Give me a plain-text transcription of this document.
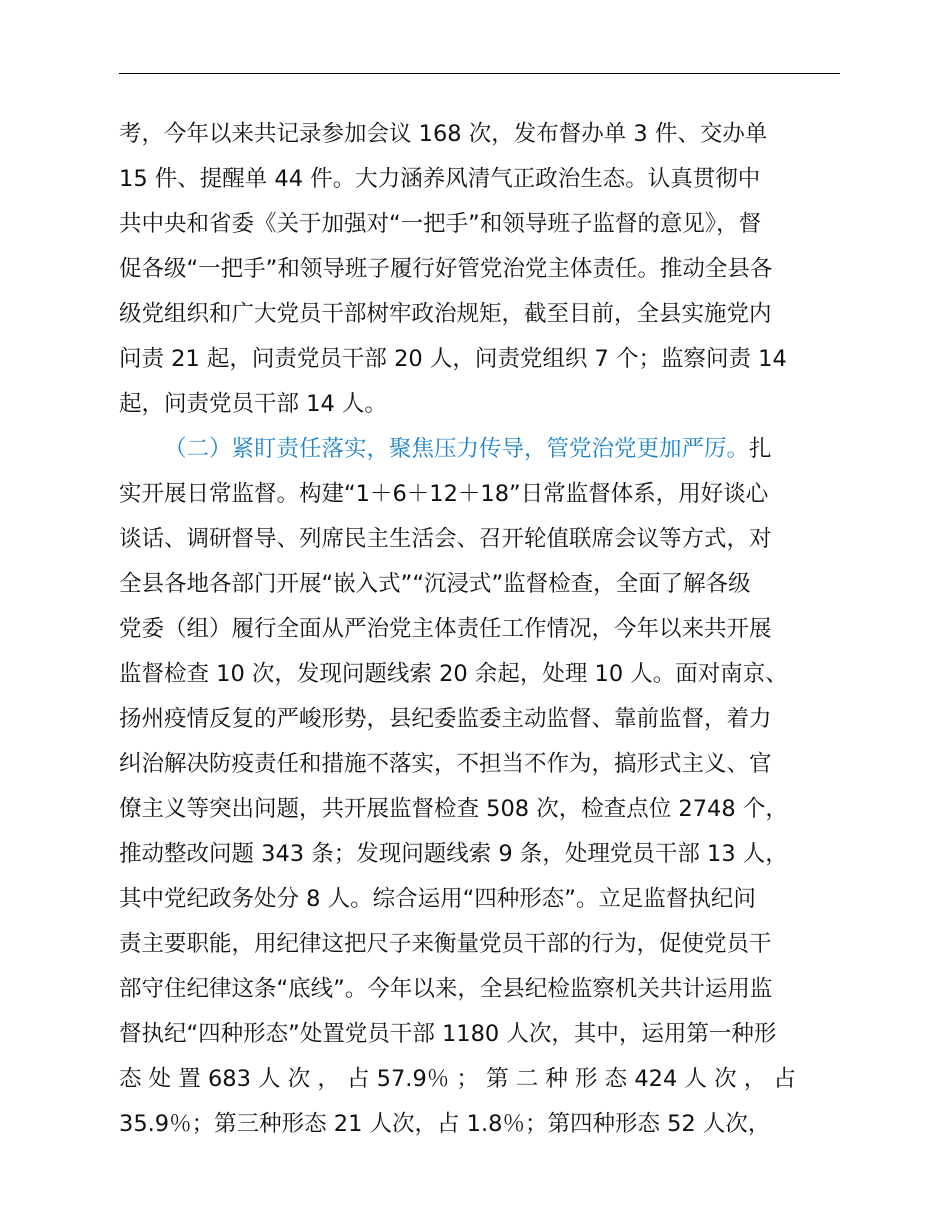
考，今年以来共记录参加会议 168 次，发布督办单 3 件、交办单
15 件、提醒单 44 件。大力涵养风清气正政治生态。认真贯彻中
共中央和省委《关于加强对“一把手”和领导班子监督的意见》，督
促各级“一把手”和领导班子履行好管党治党主体责任。推动全县各
级党组织和广大党员干部树牢政治规矩，截至目前，全县实施党内
问责 21 起，问责党员干部 20 人，问责党组织 7 个；监察问责 14
起，问责党员干部 14 人。
（二）紧盯责任落实，聚焦压力传导，管党治党更加严厉。扎
实开展日常监督。构建“1＋6＋12＋18”日常监督体系，用好谈心
谈话、调研督导、列席民主生活会、召开轮值联席会议等方式，对
全县各地各部门开展“嵌入式”“沉浸式”监督检查，全面了解各级
党委（组）履行全面从严治党主体责任工作情况，今年以来共开展
监督检查 10 次，发现问题线索 20 余起，处理 10 人。面对南京、
扬州疫情反复的严峻形势，县纪委监委主动监督、靠前监督，着力
纠治解决防疫责任和措施不落实，不担当不作为，搞形式主义、官
僚主义等突出问题，共开展监督检查 508 次，检查点位 2748 个，
推动整改问题 343 条；发现问题线索 9 条，处理党员干部 13 人，
其中党纪政务处分 8 人。综合运用“四种形态”。立足监督执纪问
责主要职能，用纪律这把尺子来衡量党员干部的行为，促使党员干
部守住纪律这条“底线”。今年以来，全县纪检监察机关共计运用监
督执纪“四种形态”处置党员干部 1180 人次，其中，运用第一种形
态 处 置 683 人 次 ， 占 57.9％ ； 第 二 种 形 态 424 人 次 ， 占
35.9％；第三种形态 21 人次，占 1.8％；第四种形态 52 人次，
